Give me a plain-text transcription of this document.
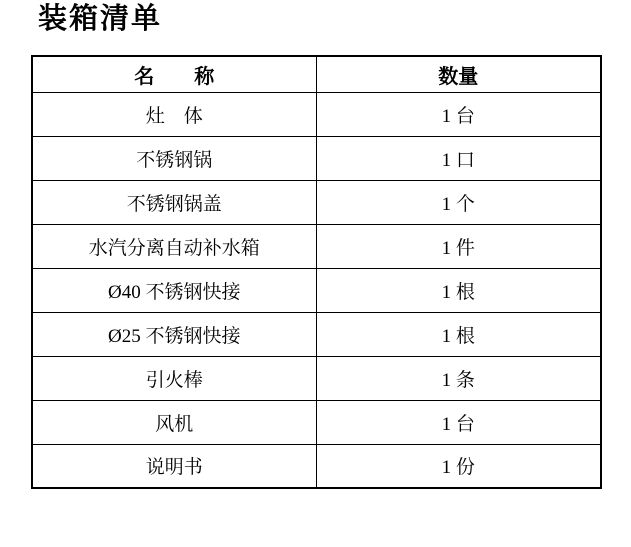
装箱清单
名　　称	数量
灶　体	1 台
不锈钢锅	1 口
不锈钢锅盖	1 个
水汽分离自动补水箱	1 件
Ø40 不锈钢快接	1 根
Ø25 不锈钢快接	1 根
引火棒	1 条
风机	1 台
说明书	1 份
